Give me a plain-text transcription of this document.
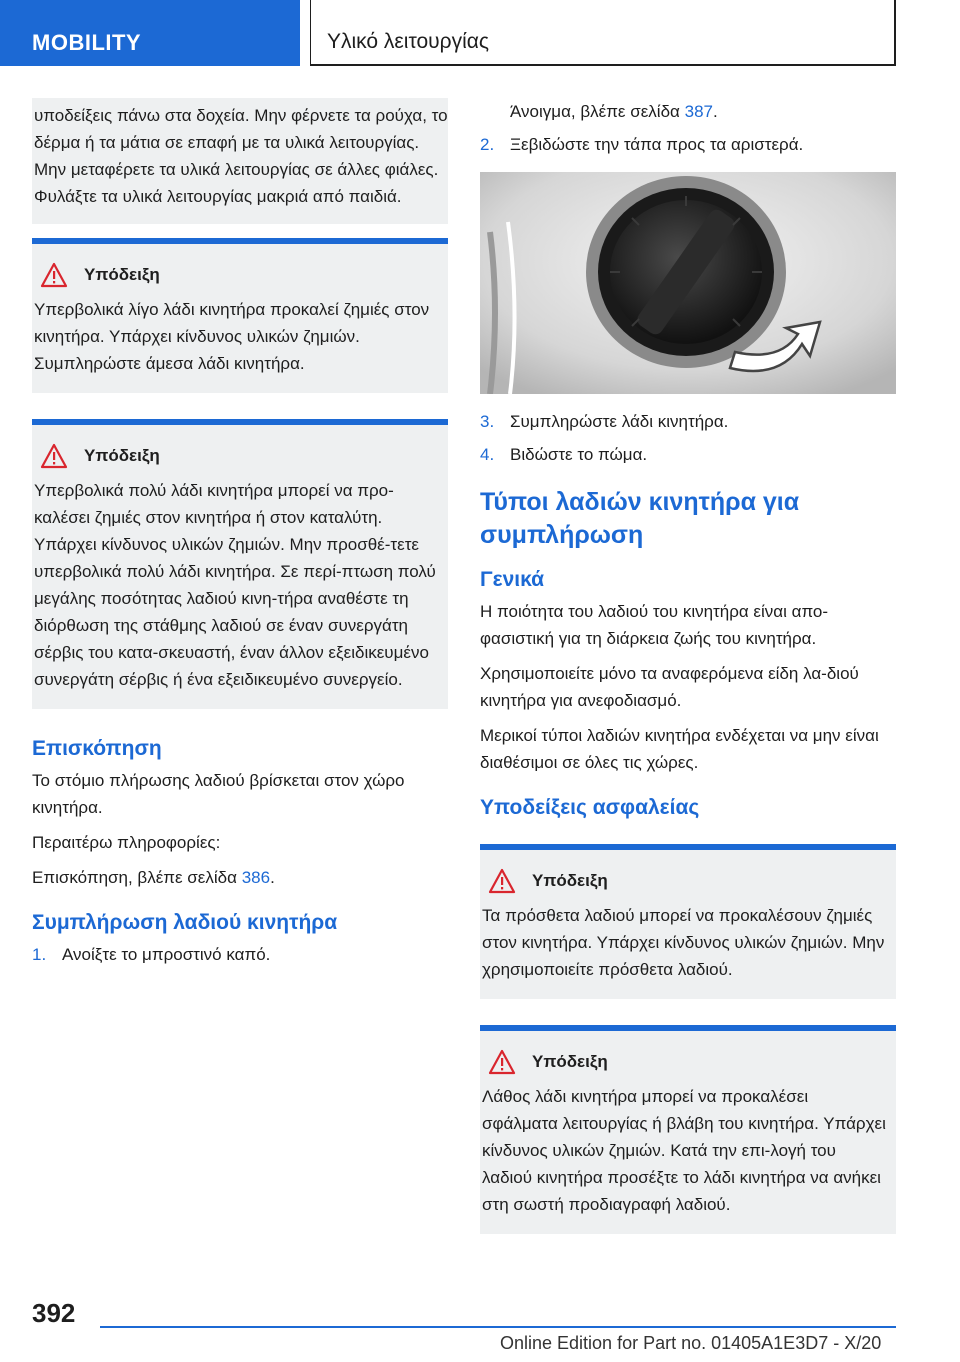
MOBILITY	Υλικό λειτουργίας
υποδείξεις πάνω στα δοχεία. Μην φέρνετε τα ρούχα, το δέρμα ή τα μάτια σε επαφή με τα υλικά λειτουργίας. Μην μεταφέρετε τα υλικά λειτουργίας σε άλλες φιάλες. Φυλάξτε τα υλικά λειτουργίας μακριά από παιδιά.
Υπόδειξη
Υπερβολικά λίγο λάδι κινητήρα προκαλεί ζημιές στον κινητήρα. Υπάρχει κίνδυνος υλικών ζημιών. Συμπληρώστε άμεσα λάδι κινητήρα.
Υπόδειξη
Υπερβολικά πολύ λάδι κινητήρα μπορεί να προ-καλέσει ζημιές στον κινητήρα ή στον καταλύτη. Υπάρχει κίνδυνος υλικών ζημιών. Μην προσθέ-τετε υπερβολικά πολύ λάδι κινητήρα. Σε περί-πτωση πολύ μεγάλης ποσότητας λαδιού κινη-τήρα αναθέστε τη διόρθωση της στάθμης λαδιού σε έναν συνεργάτη σέρβις του κατα-σκευαστή, έναν άλλον εξειδικευμένο συνεργάτη σέρβις ή ένα εξειδικευμένο συνεργείο.
Επισκόπηση

Το στόμιο πλήρωσης λαδιού βρίσκεται στον χώρο κινητήρα.

Περαιτέρω πληροφορίες:

Επισκόπηση, βλέπε σελίδα 386.

Συμπλήρωση λαδιού κινητήρα
1. Ανοίξτε το μπροστινό καπό.
Άνοιγμα, βλέπε σελίδα 387.
2. Ξεβιδώστε την τάπα προς τα αριστερά.
3. Συμπληρώστε λάδι κινητήρα.
4. Βιδώστε το πώμα.
Τύποι λαδιών κινητήρα για συμπλήρωση
Γενικά

Η ποιότητα του λαδιού του κινητήρα είναι απο-φασιστική για τη διάρκεια ζωής του κινητήρα.

Χρησιμοποιείτε μόνο τα αναφερόμενα είδη λα-διού κινητήρα για ανεφοδιασμό.

Μερικοί τύποι λαδιών κινητήρα ενδέχεται να μην είναι διαθέσιμοι σε όλες τις χώρες.

Υποδείξεις ασφαλείας
Υπόδειξη
Τα πρόσθετα λαδιού μπορεί να προκαλέσουν ζημιές στον κινητήρα. Υπάρχει κίνδυνος υλικών ζημιών. Μην χρησιμοποιείτε πρόσθετα λαδιού.
Υπόδειξη
Λάθος λάδι κινητήρα μπορεί να προκαλέσει σφάλματα λειτουργίας ή βλάβη του κινητήρα. Υπάρχει κίνδυνος υλικών ζημιών. Κατά την επι-λογή του λαδιού κινητήρα προσέξτε το λάδι κινητήρα να ανήκει στη σωστή προδιαγραφή λαδιού.
392
Online Edition for Part no. 01405A1E3D7 - X/20
